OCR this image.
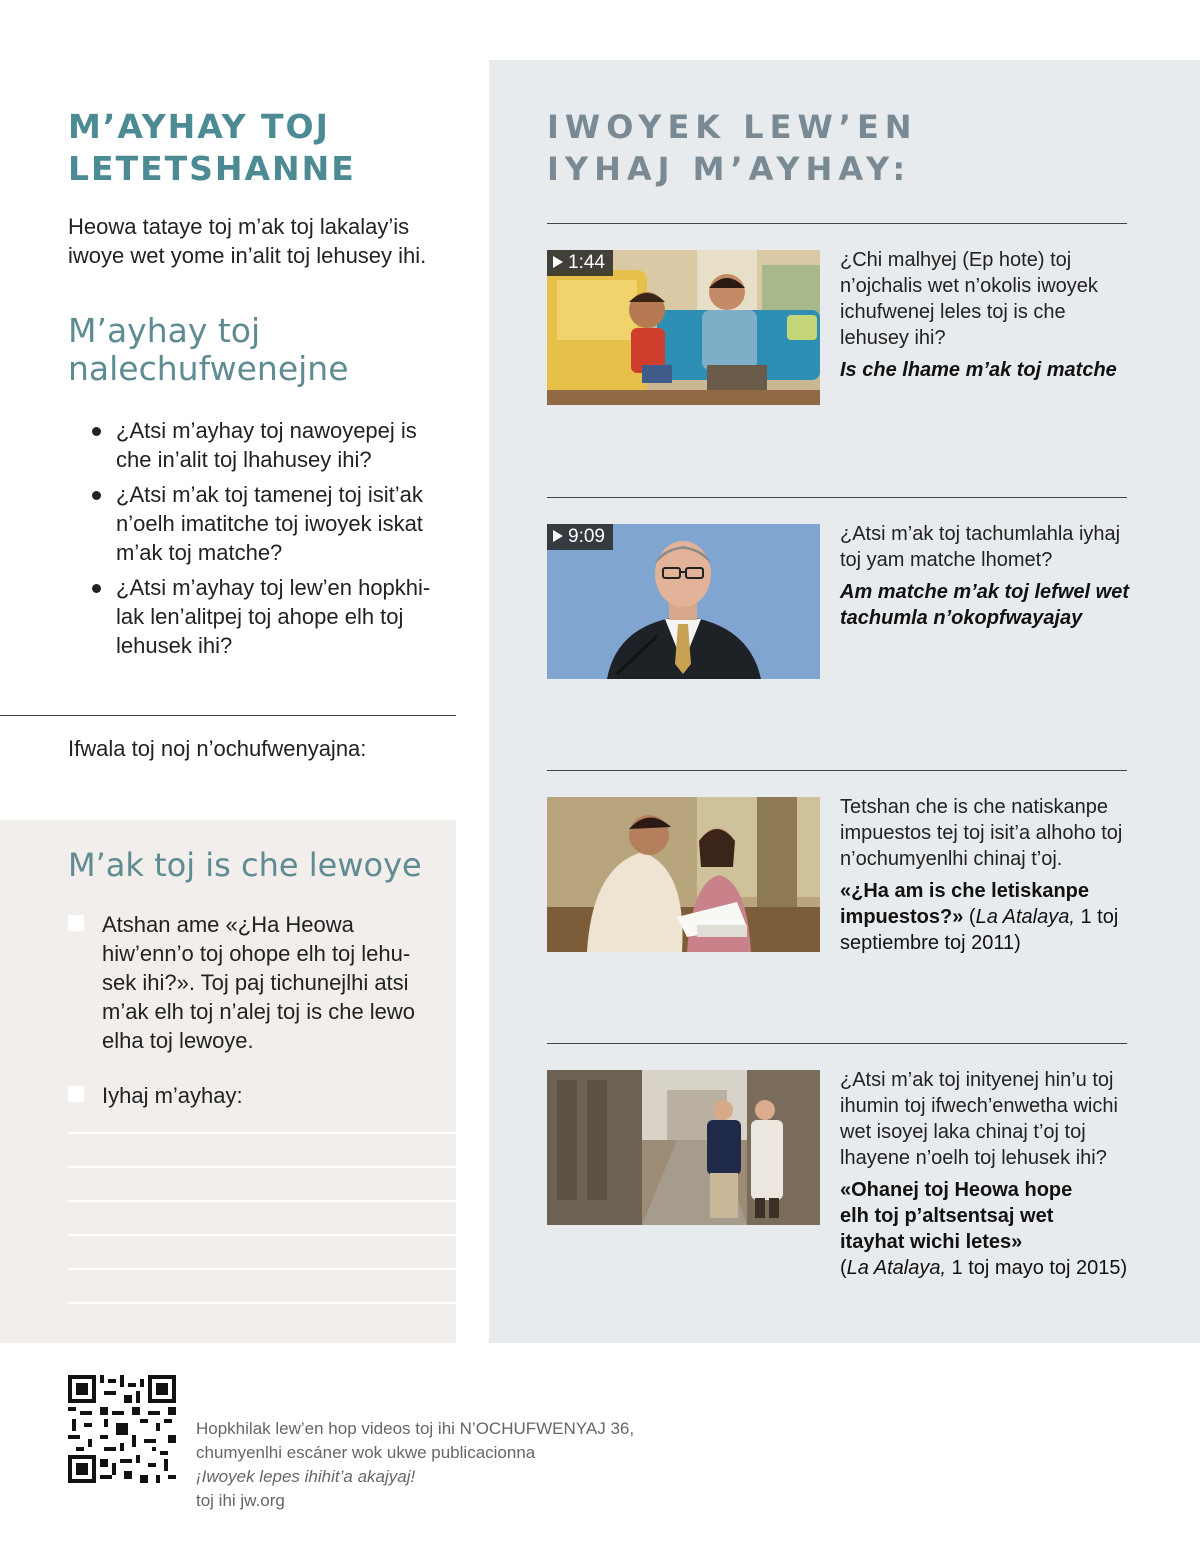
M’AYHAY TOJ
LETETSHANNE

Heowa tataye toj m’ak toj lakalay’is iwoye wet yome in’alit toj lehusey ihi.

M’ayhay toj
nalechufwenejne
¿Atsi m’ayhay toj nawoyepej is che in’alit toj lhahusey ihi?
¿Atsi m’ak toj tamenej toj isit’ak n’oelh imatitche toj iwoyek iskat m’ak toj matche?
¿Atsi m’ayhay toj lew’en hopkhi-lak len’alitpej toj ahope elh toj lehusek ihi?

Ifwala toj noj n’ochufwenyajna:

M’ak toj is che lewoye
Atshan ame «¿Ha Heowa hiw’enn’o toj ohope elh toj lehu-sek ihi?». Toj paj tichunejlhi atsi m’ak elh toj n’alej toj is che lewo elha toj lewoye.
Iyhaj m’ayhay:
IWOYEK LEW’EN
IYHAJ M’AYHAY:
1:44	¿Chi malhyej (Ep hote) toj n’ojchalis wet n’okolis iwoyek ichufwenej leles toj is che lehusey ihi?
Is che lhame m’ak toj matche
9:09	¿Atsi m’ak toj tachumlahla iyhaj toj yam matche lhomet?
Am matche m’ak toj lefwel wet tachumla n’okopfwayajay
Tetshan che is che natiskanpe impuestos tej toj isit’a alhoho toj n’ochumyenlhi chinaj t’oj.
«¿Ha am is che letiskanpe impuestos?» (La Atalaya, 1 toj septiembre toj 2011)
¿Atsi m’ak toj inityenej hin’u toj ihumin toj ifwech’enwetha wichi wet isoyej laka chinaj t’oj toj lhayene n’oelh toj lehusek ihi?
«Ohanej toj Heowa hope elh toj p’altsentsaj wet itayhat wichi letes»
(La Atalaya, 1 toj mayo toj 2015)
Hopkhilak lew’en hop videos toj ihi N’OCHUFWENYAJ 36,
chumyenlhi escáner wok ukwe publicacionna
¡Iwoyek lepes ihihit’a akajyaj!
toj ihi jw.org
